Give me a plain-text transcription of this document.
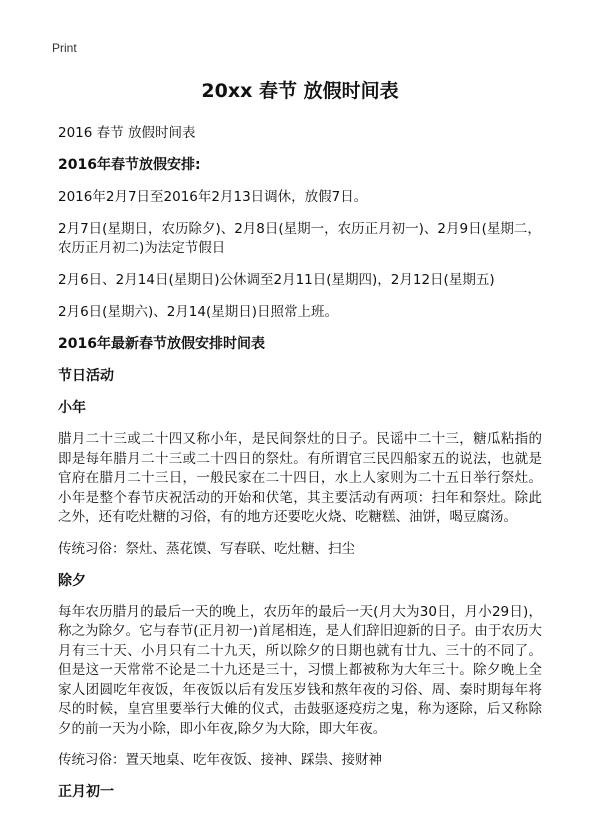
Print
20xx 春节 放假时间表
2016 春节 放假时间表
2016年春节放假安排:
2016年2月7日至2016年2月13日调休，放假7日。
2月7日(星期日，农历除夕)、2月8日(星期一，农历正月初一)、2月9日(星期二，农历正月初二)为法定节假日
2月6日、2月14日(星期日)公休调至2月11日(星期四)，2月12日(星期五)
2月6日(星期六)、2月14(星期日)日照常上班。
2016年最新春节放假安排时间表
节日活动
小年
腊月二十三或二十四又称小年，是民间祭灶的日子。民谣中二十三，糖瓜粘指的即是每年腊月二十三或二十四日的祭灶。有所谓官三民四船家五的说法，也就是官府在腊月二十三日，一般民家在二十四日，水上人家则为二十五日举行祭灶。小年是整个春节庆祝活动的开始和伏笔，其主要活动有两项：扫年和祭灶。除此之外，还有吃灶糖的习俗，有的地方还要吃火烧、吃糖糕、油饼，喝豆腐汤。
传统习俗：祭灶、蒸花馍、写春联、吃灶糖、扫尘
除夕
每年农历腊月的最后一天的晚上，农历年的最后一天(月大为30日，月小29日)，称之为除夕。它与春节(正月初一)首尾相连，是人们辞旧迎新的日子。由于农历大月有三十天、小月只有二十九天，所以除夕的日期也就有廿九、三十的不同了。但是这一天常常不论是二十九还是三十，习惯上都被称为大年三十。除夕晚上全家人团圆吃年夜饭，年夜饭以后有发压岁钱和熬年夜的习俗、周、秦时期每年将尽的时候，皇宫里要举行大傩的仪式，击鼓驱逐疫疠之鬼，称为逐除，后又称除夕的前一天为小除，即小年夜,除夕为大除，即大年夜。
传统习俗：置天地桌、吃年夜饭、接神、踩祟、接财神
正月初一
